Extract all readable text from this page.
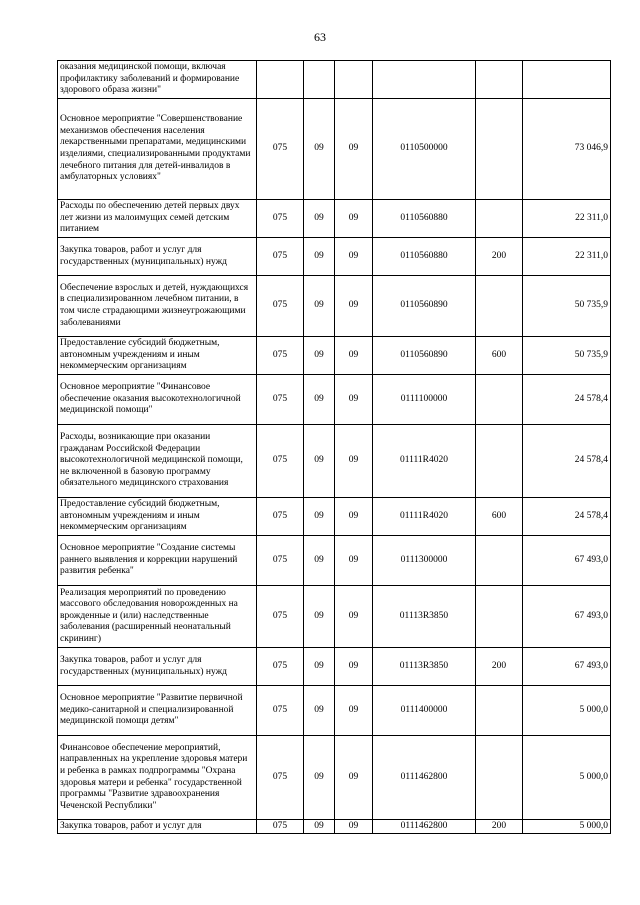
63
оказания медицинской помощи, включая профилактику заболеваний и формирование здорового образа жизни"						
Основное мероприятие "Совершенствование механизмов обеспечения населения лекарственными препаратами, медицинскими изделиями, специализированными продуктами лечебного питания для детей-инвалидов в амбулаторных условиях"	075	09	09	0110500000		73 046,9
Расходы по обеспечению детей первых двух лет жизни из малоимущих семей детским питанием	075	09	09	0110560880		22 311,0
Закупка товаров, работ и услуг для государственных (муниципальных) нужд	075	09	09	0110560880	200	22 311,0
Обеспечение взрослых и детей, нуждающихся в специализированном лечебном питании, в том числе страдающими жизнеугрожающими заболеваниями	075	09	09	0110560890		50 735,9
Предоставление субсидий бюджетным, автономным учреждениям и иным некоммерческим организациям	075	09	09	0110560890	600	50 735,9
Основное мероприятие "Финансовое обеспечение оказания высокотехнологичной медицинской помощи"	075	09	09	0111100000		24 578,4
Расходы, возникающие при оказании гражданам Российской Федерации высокотехнологичной медицинской помощи, не включенной в базовую программу обязательного медицинского страхования	075	09	09	01111R4020		24 578,4
Предоставление субсидий бюджетным, автономным учреждениям и иным некоммерческим организациям	075	09	09	01111R4020	600	24 578,4
Основное мероприятие "Создание системы раннего выявления и коррекции нарушений развития ребенка"	075	09	09	0111300000		67 493,0
Реализация мероприятий по проведению массового обследования новорожденных на врожденные и (или) наследственные заболевания (расширенный неонатальный скрининг)	075	09	09	01113R3850		67 493,0
Закупка товаров, работ и услуг для государственных (муниципальных) нужд	075	09	09	01113R3850	200	67 493,0
Основное мероприятие "Развитие первичной медико-санитарной и специализированной медицинской помощи детям"	075	09	09	0111400000		5 000,0
Финансовое обеспечение мероприятий, направленных на укрепление здоровья матери и ребенка в рамках подпрограммы "Охрана здоровья матери и ребенка" государственной программы "Развитие здравоохранения Чеченской Республики"	075	09	09	0111462800		5 000,0
Закупка товаров, работ и услуг для	075	09	09	0111462800	200	5 000,0
